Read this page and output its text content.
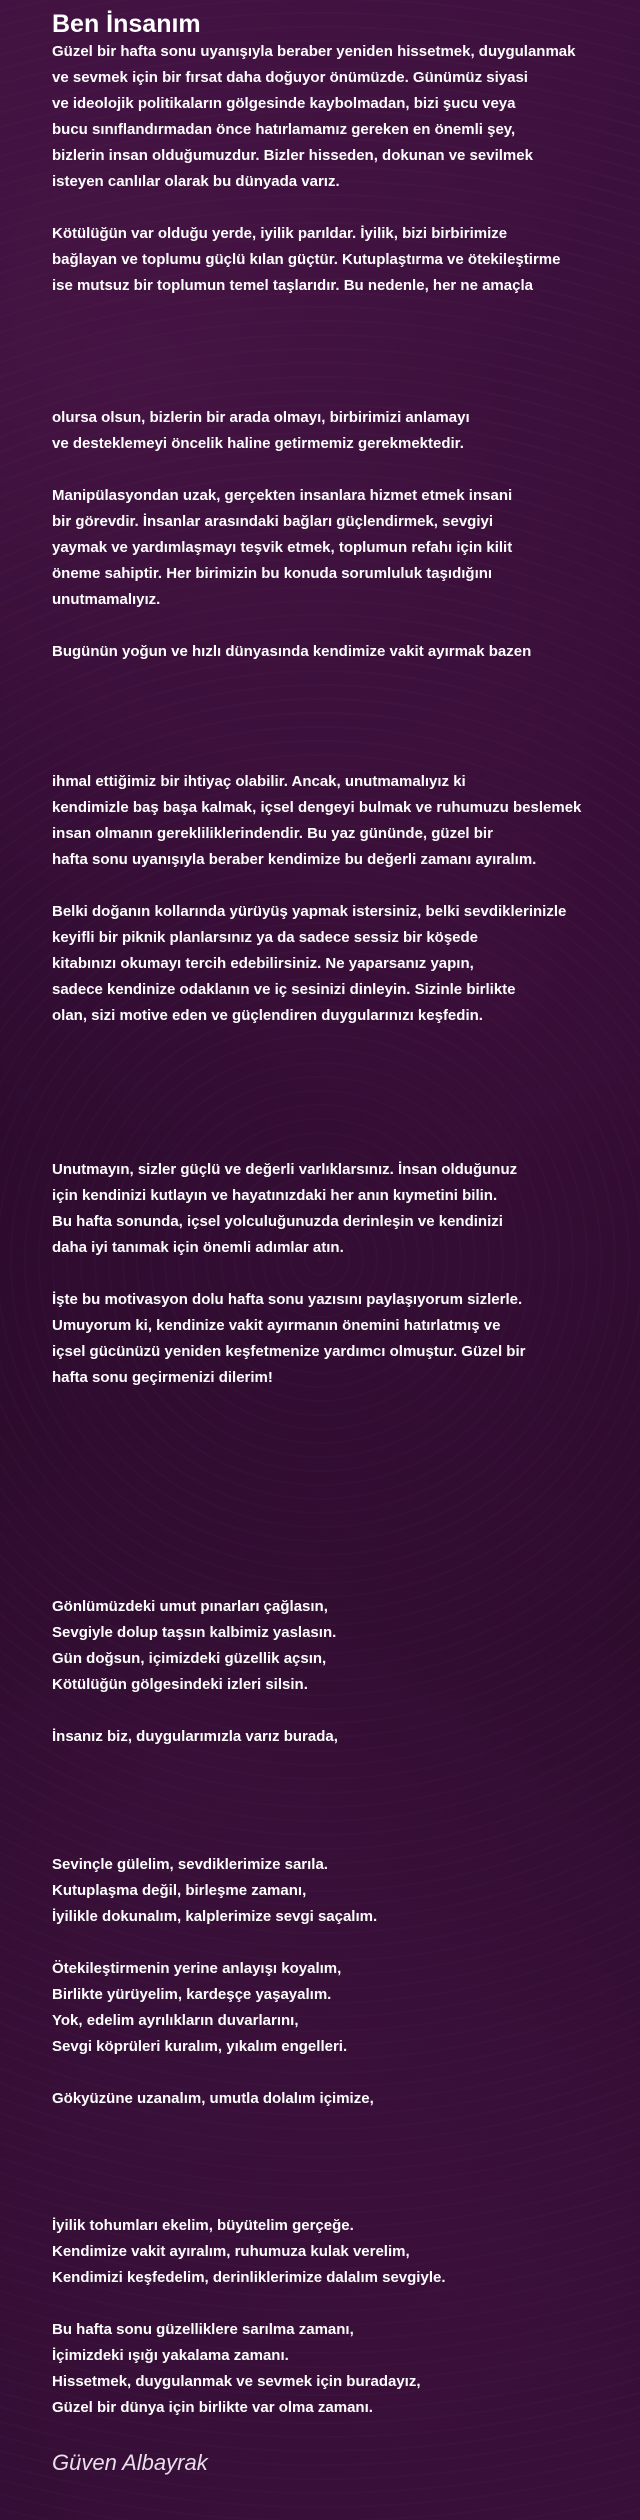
Ben İnsanım

Güzel bir hafta sonu uyanışıyla beraber yeniden hissetmek, duygulanmak
ve sevmek için bir fırsat daha doğuyor önümüzde. Günümüz siyasi
ve ideolojik politikaların gölgesinde kaybolmadan, bizi şucu veya
bucu sınıflandırmadan önce hatırlamamız gereken en önemli şey,
bizlerin insan olduğumuzdur. Bizler hisseden, dokunan ve sevilmek
isteyen canlılar olarak bu dünyada varız.

Kötülüğün var olduğu yerde, iyilik parıldar. İyilik, bizi birbirimize
bağlayan ve toplumu güçlü kılan güçtür. Kutuplaştırma ve ötekileştirme
ise mutsuz bir toplumun temel taşlarıdır. Bu nedenle, her ne amaçla

olursa olsun, bizlerin bir arada olmayı, birbirimizi anlamayı
ve desteklemeyi öncelik haline getirmemiz gerekmektedir.

Manipülasyondan uzak, gerçekten insanlara hizmet etmek insani
bir görevdir. İnsanlar arasındaki bağları güçlendirmek, sevgiyi
yaymak ve yardımlaşmayı teşvik etmek, toplumun refahı için kilit
öneme sahiptir. Her birimizin bu konuda sorumluluk taşıdığını
unutmamalıyız.

Bugünün yoğun ve hızlı dünyasında kendimize vakit ayırmak bazen

ihmal ettiğimiz bir ihtiyaç olabilir. Ancak, unutmamalıyız ki
kendimizle baş başa kalmak, içsel dengeyi bulmak ve ruhumuzu beslemek
insan olmanın gerekliliklerindendir. Bu yaz gününde, güzel bir
hafta sonu uyanışıyla beraber kendimize bu değerli zamanı ayıralım.

Belki doğanın kollarında yürüyüş yapmak istersiniz, belki sevdiklerinizle
keyifli bir piknik planlarsınız ya da sadece sessiz bir köşede
kitabınızı okumayı tercih edebilirsiniz. Ne yaparsanız yapın,
sadece kendinize odaklanın ve iç sesinizi dinleyin. Sizinle birlikte
olan, sizi motive eden ve güçlendiren duygularınızı keşfedin.

Unutmayın, sizler güçlü ve değerli varlıklarsınız. İnsan olduğunuz
için kendinizi kutlayın ve hayatınızdaki her anın kıymetini bilin.
Bu hafta sonunda, içsel yolculuğunuzda derinleşin ve kendinizi
daha iyi tanımak için önemli adımlar atın.

İşte bu motivasyon dolu hafta sonu yazısını paylaşıyorum sizlerle.
Umuyorum ki, kendinize vakit ayırmanın önemini hatırlatmış ve
içsel gücünüzü yeniden keşfetmenize yardımcı olmuştur. Güzel bir
hafta sonu geçirmenizi dilerim!

Gönlümüzdeki umut pınarları çağlasın,
Sevgiyle dolup taşsın kalbimiz yaslasın.
Gün doğsun, içimizdeki güzellik açsın,
Kötülüğün gölgesindeki izleri silsin.

İnsanız biz, duygularımızla varız burada,

Sevinçle gülelim, sevdiklerimize sarıla.
Kutuplaşma değil, birleşme zamanı,
İyilikle dokunalım, kalplerimize sevgi saçalım.

Ötekileştirmenin yerine anlayışı koyalım,
Birlikte yürüyelim, kardeşçe yaşayalım.
Yok, edelim ayrılıkların duvarlarını,
Sevgi köprüleri kuralım, yıkalım engelleri.

Gökyüzüne uzanalım, umutla dolalım içimize,

İyilik tohumları ekelim, büyütelim gerçeğe.
Kendimize vakit ayıralım, ruhumuza kulak verelim,
Kendimizi keşfedelim, derinliklerimize dalalım sevgiyle.

Bu hafta sonu güzelliklere sarılma zamanı,
İçimizdeki ışığı yakalama zamanı.
Hissetmek, duygulanmak ve sevmek için buradayız,
Güzel bir dünya için birlikte var olma zamanı.

Güven Albayrak
